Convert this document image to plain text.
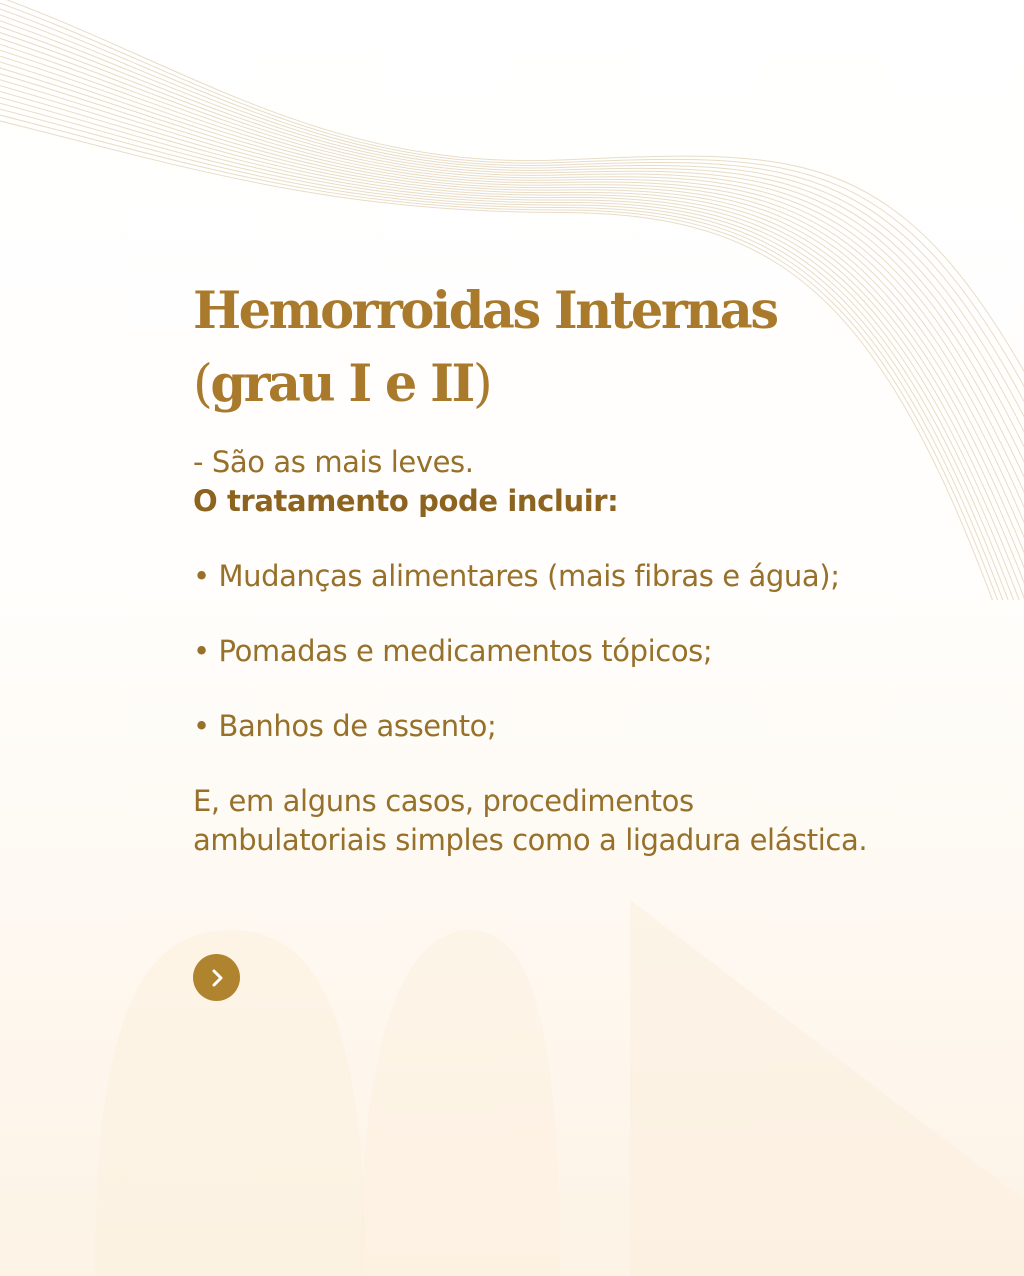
Hemorroidas Internas
(grau I e II)

- São as mais leves.

O tratamento pode incluir:

• Mudanças alimentares (mais fibras e água);

• Pomadas e medicamentos tópicos;

• Banhos de assento;

E, em alguns casos, procedimentos ambulatoriais simples como a ligadura elástica.
